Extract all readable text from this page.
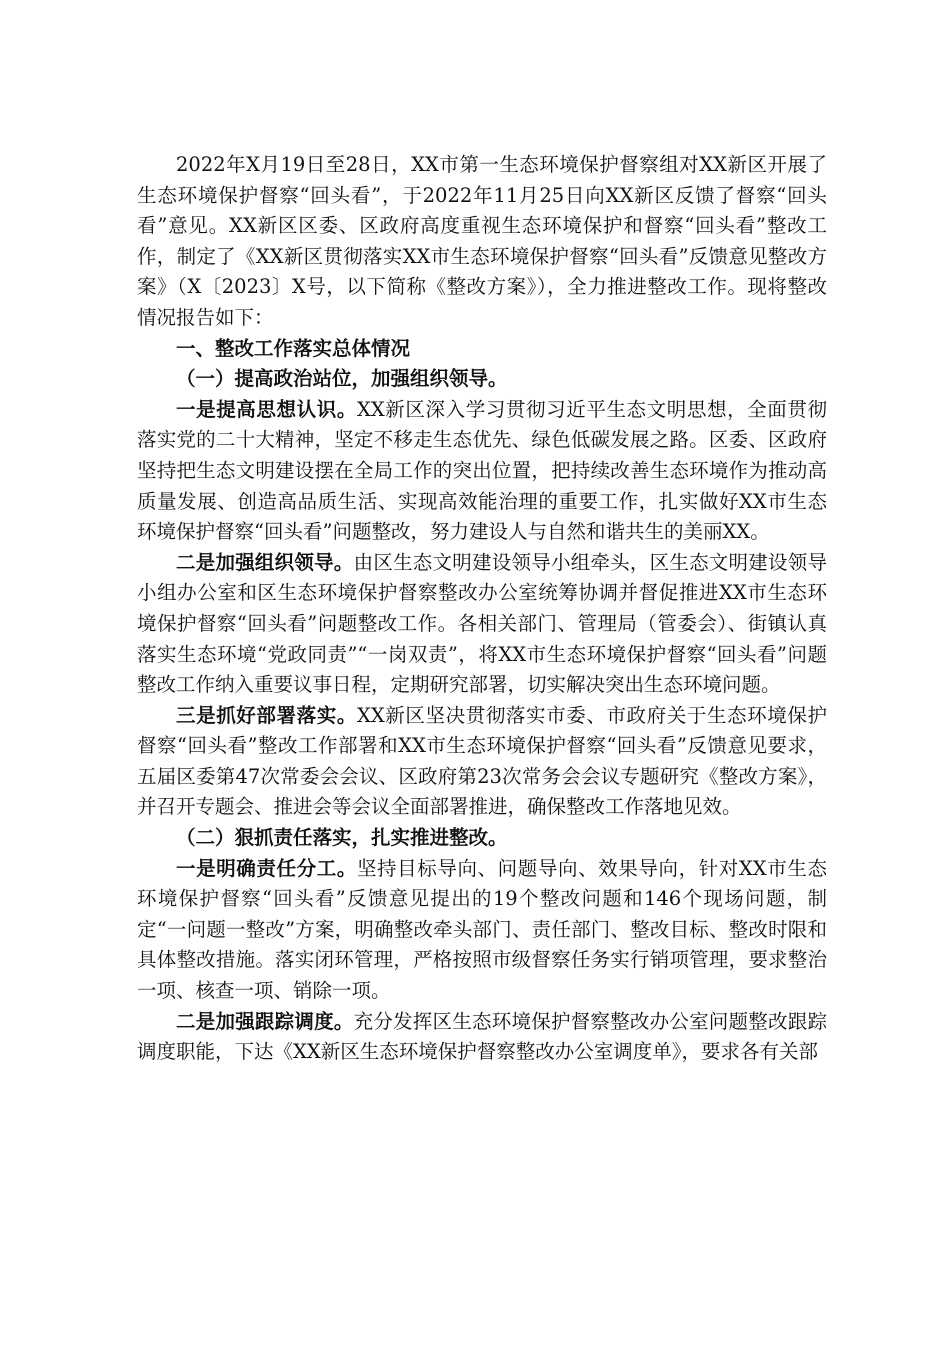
2022年X月19日至28日，XX市第一生态环境保护督察组对XX新区开展了生态环境保护督察“回头看”，于2022年11月25日向XX新区反馈了督察“回头看”意见。XX新区区委、区政府高度重视生态环境保护和督察“回头看”整改工作，制定了《XX新区贯彻落实XX市生态环境保护督察“回头看”反馈意见整改方案》（X〔2023〕X号，以下简称《整改方案》），全力推进整改工作。现将整改情况报告如下：

一、整改工作落实总体情况

（一）提高政治站位，加强组织领导。

一是提高思想认识。XX新区深入学习贯彻习近平生态文明思想，全面贯彻落实党的二十大精神，坚定不移走生态优先、绿色低碳发展之路。区委、区政府坚持把生态文明建设摆在全局工作的突出位置，把持续改善生态环境作为推动高质量发展、创造高品质生活、实现高效能治理的重要工作，扎实做好XX市生态环境保护督察“回头看”问题整改，努力建设人与自然和谐共生的美丽XX。

二是加强组织领导。由区生态文明建设领导小组牵头，区生态文明建设领导小组办公室和区生态环境保护督察整改办公室统筹协调并督促推进XX市生态环境保护督察“回头看”问题整改工作。各相关部门、管理局（管委会）、街镇认真落实生态环境“党政同责”“一岗双责”，将XX市生态环境保护督察“回头看”问题整改工作纳入重要议事日程，定期研究部署，切实解决突出生态环境问题。

三是抓好部署落实。XX新区坚决贯彻落实市委、市政府关于生态环境保护督察“回头看”整改工作部署和XX市生态环境保护督察“回头看”反馈意见要求，五届区委第47次常委会会议、区政府第23次常务会会议专题研究《整改方案》，并召开专题会、推进会等会议全面部署推进，确保整改工作落地见效。

（二）狠抓责任落实，扎实推进整改。

一是明确责任分工。坚持目标导向、问题导向、效果导向，针对XX市生态环境保护督察“回头看”反馈意见提出的19个整改问题和146个现场问题，制定“一问题一整改”方案，明确整改牵头部门、责任部门、整改目标、整改时限和具体整改措施。落实闭环管理，严格按照市级督察任务实行销项管理，要求整治一项、核查一项、销除一项。

二是加强跟踪调度。充分发挥区生态环境保护督察整改办公室问题整改跟踪调度职能，下达《XX新区生态环境保护督察整改办公室调度单》，要求各有关部
